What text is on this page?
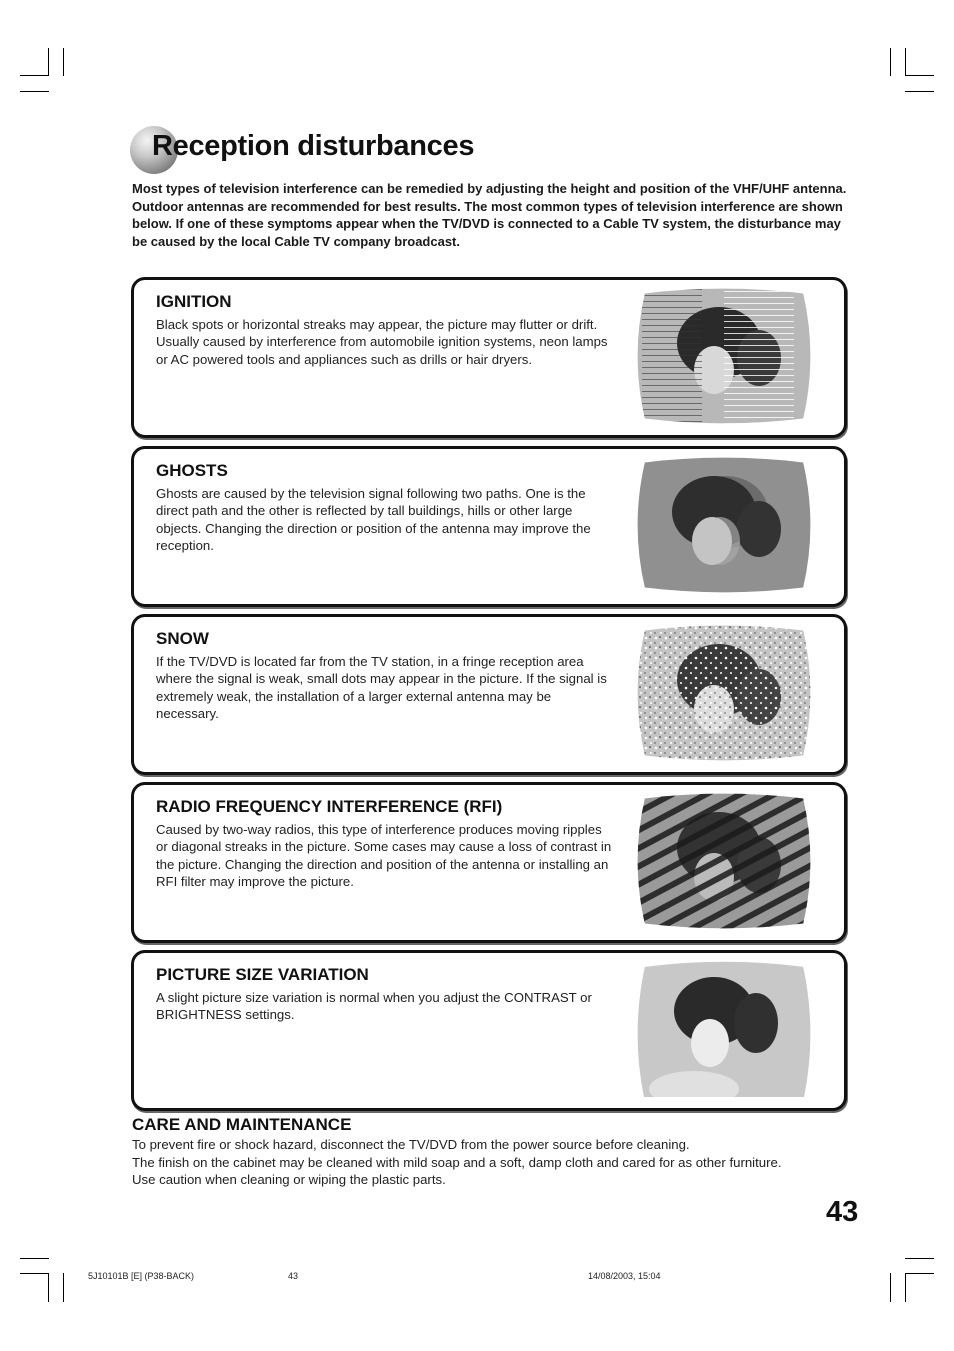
Reception disturbances
Most types of television interference can be remedied by adjusting the height and position of the VHF/UHF antenna. Outdoor antennas are recommended for best results. The most common types of television interference are shown below. If one of these symptoms appear when the TV/DVD is connected to a Cable TV system, the disturbance may be caused by the local Cable TV company broadcast.
IGNITION
Black spots or horizontal streaks may appear, the picture may flutter or drift. Usually caused by interference from automobile ignition systems, neon lamps or AC powered tools and appliances such as drills or hair dryers.
GHOSTS
Ghosts are caused by the television signal following two paths. One is the direct path and the other is reflected by tall buildings, hills or other large objects. Changing the direction or position of the antenna may improve the reception.
SNOW
If the TV/DVD is located far from the TV station, in a fringe reception area where the signal is weak, small dots may appear in the picture. If the signal is extremely weak, the installation of a larger external antenna may be necessary.
RADIO FREQUENCY INTERFERENCE (RFI)
Caused by two-way radios, this type of interference produces moving ripples or diagonal streaks in the picture. Some cases may cause a loss of contrast in the picture. Changing the direction and position of the antenna or installing an RFI filter may improve the picture.
PICTURE SIZE VARIATION
A slight picture size variation is normal when you adjust the CONTRAST or BRIGHTNESS settings.
CARE AND MAINTENANCE
To prevent fire or shock hazard, disconnect the TV/DVD from the power source before cleaning.
The finish on the cabinet may be cleaned with mild soap and a soft, damp cloth and cared for as other furniture.
Use caution when cleaning or wiping the plastic parts.
43
5J10101B [E] (P38-BACK)	43	14/08/2003, 15:04
